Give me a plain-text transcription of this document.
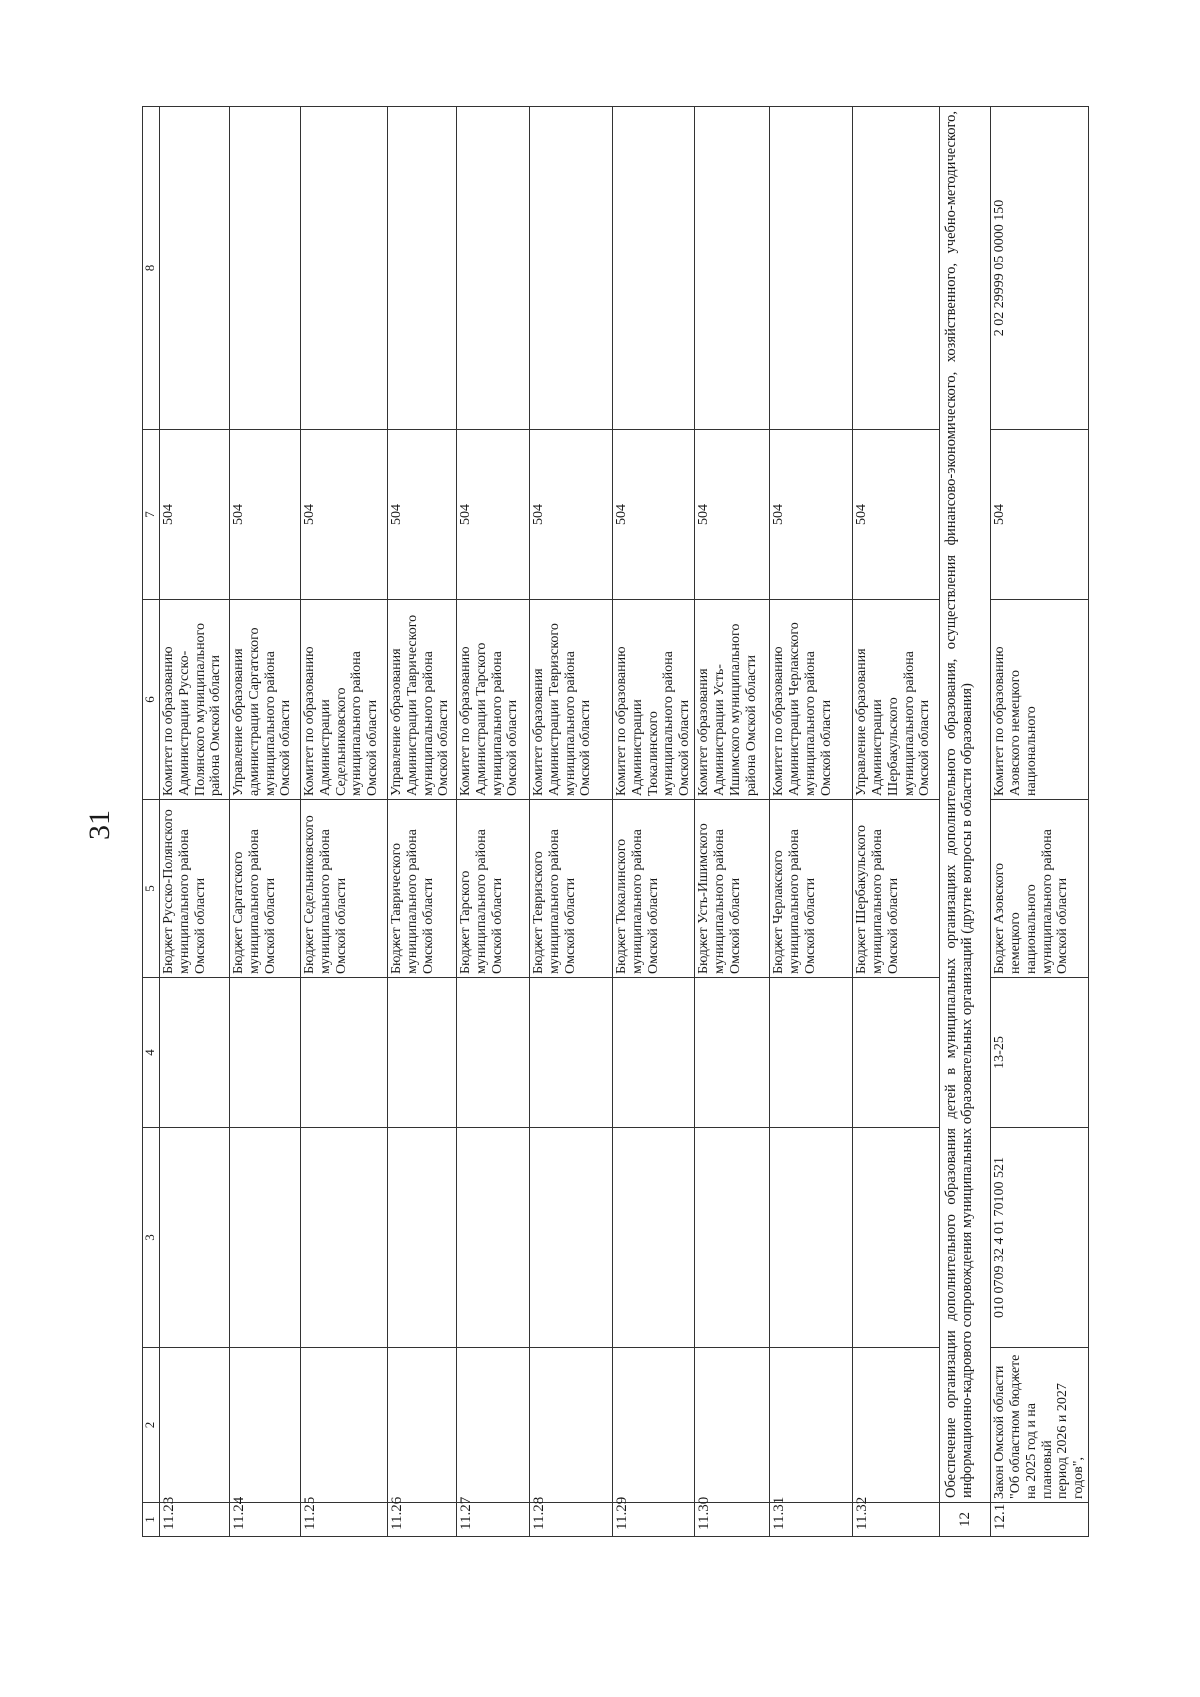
31
1	2	3	4	5	6	7	8
11.23				Бюджет Русско-Полянского
муниципального района
Омской области	Комитет по образованию
Администрации Русско-
Полянского муниципального
района Омской области	504	
11.24				Бюджет Саргатского
муниципального района
Омской области	Управление образования
администрации Саргатского
муниципального района
Омской области	504	
11.25				Бюджет Седельниковского
муниципального района
Омской области	Комитет по образованию
Администрации
Седельниковского
муниципального района
Омской области	504	
11.26				Бюджет Таврического
муниципального района
Омской области	Управление образования
Администрации Таврического
муниципального района
Омской области	504	
11.27				Бюджет Тарского
муниципального района
Омской области	Комитет по образованию
Администрации Тарского
муниципального района
Омской области	504	
11.28				Бюджет Тевризского
муниципального района
Омской области	Комитет образования
Администрации Тевризского
муниципального района
Омской области	504	
11.29				Бюджет Тюкалинского
муниципального района
Омской области	Комитет по образованию
Администрации
Тюкалинского
муниципального района
Омской области	504	
11.30				Бюджет Усть-Ишимского
муниципального района
Омской области	Комитет образования
Администрации Усть-
Ишимского муниципального
района Омской области	504	
11.31				Бюджет Черлакского
муниципального района
Омской области	Комитет по образованию
Администрации Черлакского
муниципального района
Омской области	504	
11.32				Бюджет Шербакульского
муниципального района
Омской области	Управление образования
Администрации
Шербакульского
муниципального района
Омской области	504	
12	Обеспечение организации дополнительного образования детей в муниципальных организациях дополнительного образования, осуществления финансово-экономического, хозяйственного, учебно-методического, информационно-кадрового сопровождения муниципальных образовательных организаций (другие вопросы в области образования)						
12.1	Закон Омской области
"Об областном бюджете
на 2025 год и на плановый
период 2026 и 2027 годов",	010 0709 32 4 01 70100 521	13-25	Бюджет Азовского немецкого
национального
муниципального района
Омской области	Комитет по образованию
Азовского немецкого
национального	504	2 02 29999 05 0000 150
